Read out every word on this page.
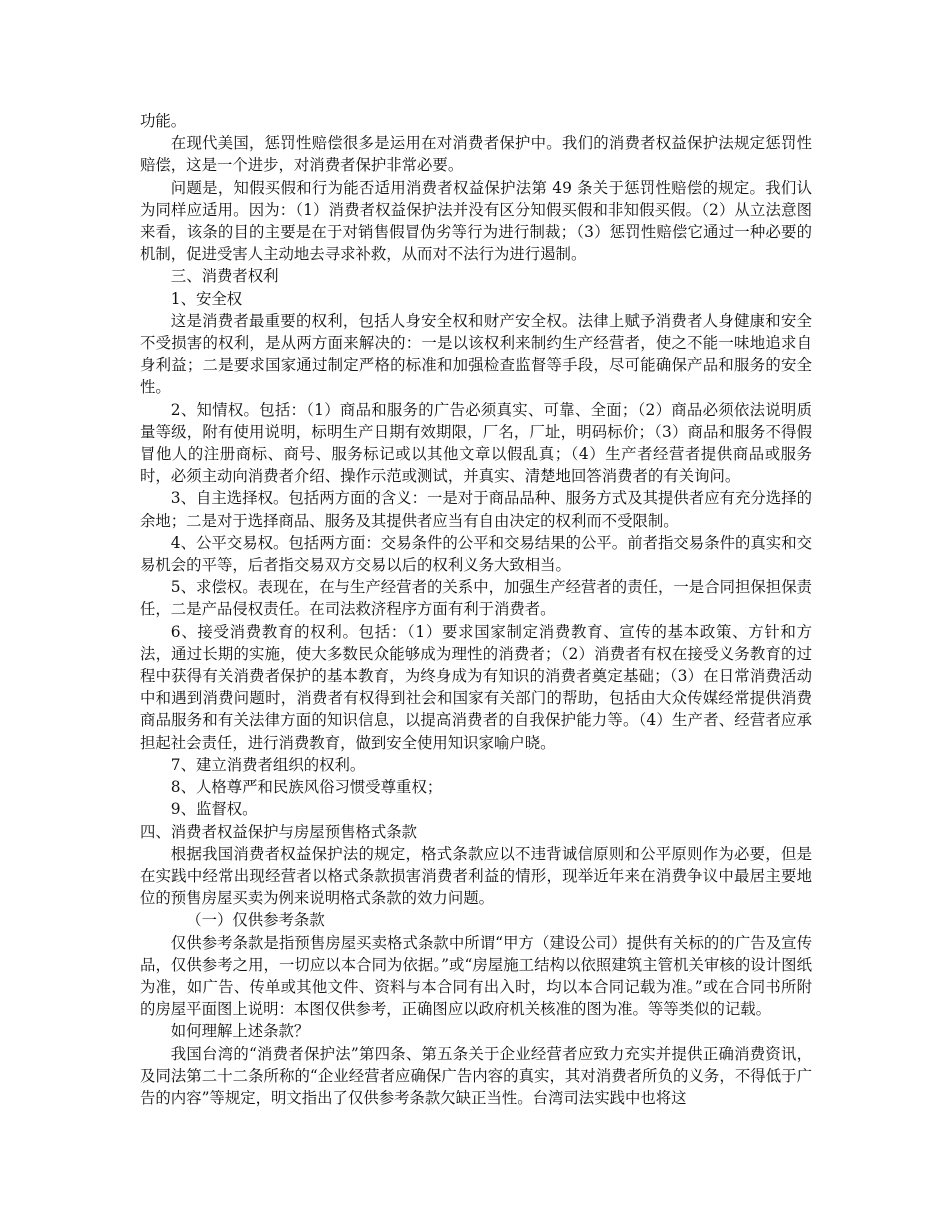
功能。

在现代美国，惩罚性赔偿很多是运用在对消费者保护中。我们的消费者权益保护法规定惩罚性赔偿，这是一个进步，对消费者保护非常必要。

问题是，知假买假和行为能否适用消费者权益保护法第 49 条关于惩罚性赔偿的规定。我们认为同样应适用。因为：（1）消费者权益保护法并没有区分知假买假和非知假买假。（2）从立法意图来看，该条的目的主要是在于对销售假冒伪劣等行为进行制裁；（3）惩罚性赔偿它通过一种必要的机制，促进受害人主动地去寻求补救，从而对不法行为进行遏制。

三、消费者权利

1、安全权

这是消费者最重要的权利，包括人身安全权和财产安全权。法律上赋予消费者人身健康和安全不受损害的权利，是从两方面来解决的：一是以该权利来制约生产经营者，使之不能一味地追求自身利益；二是要求国家通过制定严格的标准和加强检查监督等手段，尽可能确保产品和服务的安全性。

2、知情权。包括：（1）商品和服务的广告必须真实、可靠、全面；（2）商品必须依法说明质量等级，附有使用说明，标明生产日期有效期限，厂名，厂址，明码标价；（3）商品和服务不得假冒他人的注册商标、商号、服务标记或以其他文章以假乱真；（4）生产者经营者提供商品或服务时，必须主动向消费者介绍、操作示范或测试，并真实、清楚地回答消费者的有关询问。

3、自主选择权。包括两方面的含义：一是对于商品品种、服务方式及其提供者应有充分选择的余地；二是对于选择商品、服务及其提供者应当有自由决定的权利而不受限制。

4、公平交易权。包括两方面：交易条件的公平和交易结果的公平。前者指交易条件的真实和交易机会的平等，后者指交易双方交易以后的权利义务大致相当。

5、求偿权。表现在，在与生产经营者的关系中，加强生产经营者的责任，一是合同担保担保责任，二是产品侵权责任。在司法救济程序方面有利于消费者。

6、接受消费教育的权利。包括：（1）要求国家制定消费教育、宣传的基本政策、方针和方法，通过长期的实施，使大多数民众能够成为理性的消费者；（2）消费者有权在接受义务教育的过程中获得有关消费者保护的基本教育，为终身成为有知识的消费者奠定基础；（3）在日常消费活动中和遇到消费问题时，消费者有权得到社会和国家有关部门的帮助，包括由大众传媒经常提供消费商品服务和有关法律方面的知识信息，以提高消费者的自我保护能力等。（4）生产者、经营者应承担起社会责任，进行消费教育，做到安全使用知识家喻户晓。

7、建立消费者组织的权利。

8、人格尊严和民族风俗习惯受尊重权；

9、监督权。

四、消费者权益保护与房屋预售格式条款

根据我国消费者权益保护法的规定，格式条款应以不违背诚信原则和公平原则作为必要，但是在实践中经常出现经营者以格式条款损害消费者利益的情形，现举近年来在消费争议中最居主要地位的预售房屋买卖为例来说明格式条款的效力问题。

（一）仅供参考条款

仅供参考条款是指预售房屋买卖格式条款中所谓“甲方（建设公司）提供有关标的的广告及宣传品，仅供参考之用，一切应以本合同为依据。”或“房屋施工结构以依照建筑主管机关审核的设计图纸为准，如广告、传单或其他文件、资料与本合同有出入时，均以本合同记载为准。”或在合同书所附的房屋平面图上说明：本图仅供参考，正确图应以政府机关核准的图为准。等等类似的记载。

如何理解上述条款？

我国台湾的“消费者保护法”第四条、第五条关于企业经营者应致力充实并提供正确消费资讯，及同法第二十二条所称的“企业经营者应确保广告内容的真实，其对消费者所负的义务，不得低于广告的内容”等规定，明文指出了仅供参考条款欠缺正当性。台湾司法实践中也将这
